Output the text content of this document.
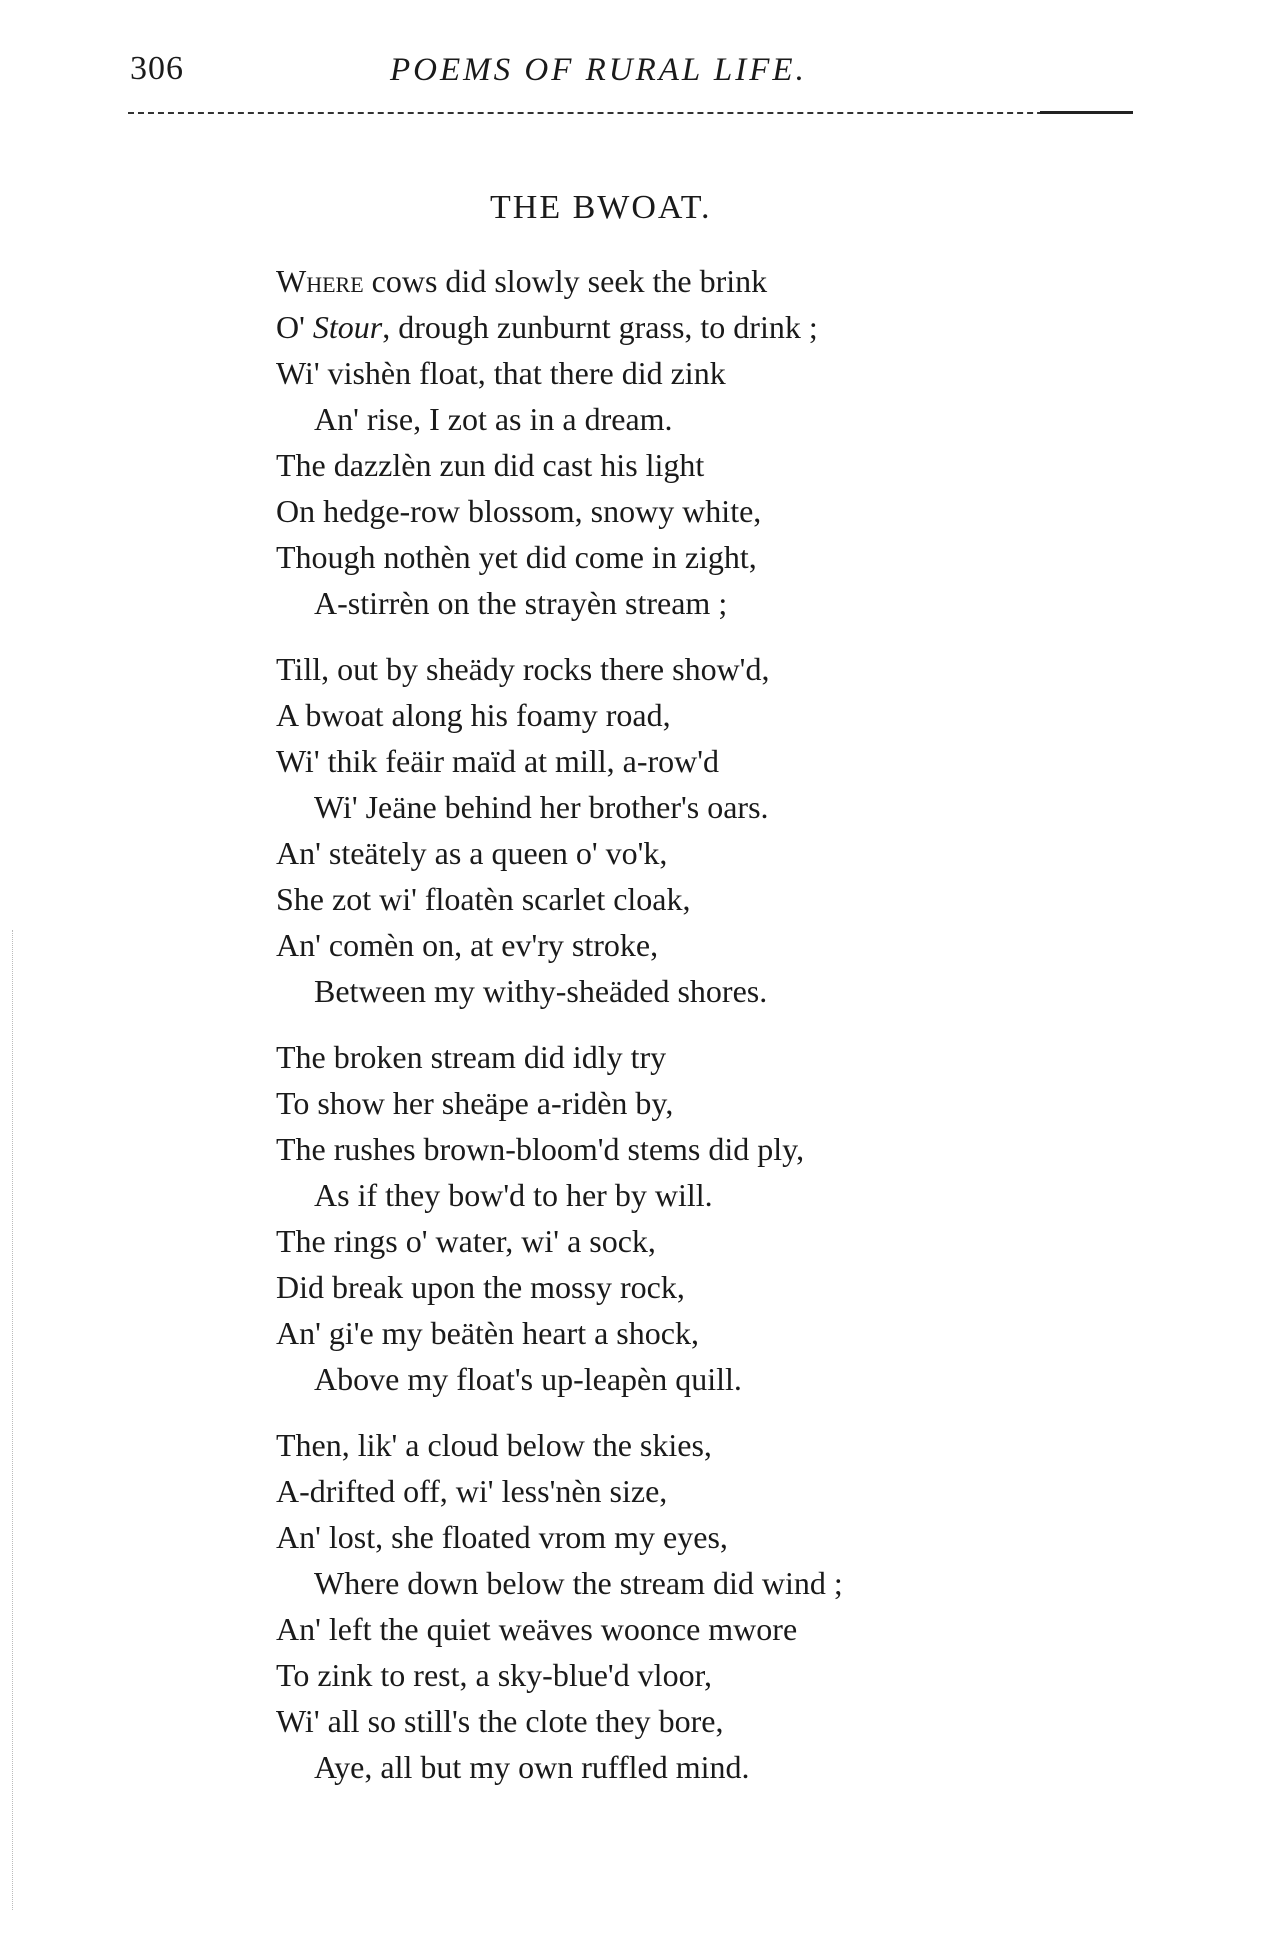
306	POEMS OF RURAL LIFE.
THE BWOAT.
Where cows did slowly seek the brink
O' Stour, drough zunburnt grass, to drink ;
Wi' vishèn float, that there did zink
An' rise, I zot as in a dream.
The dazzlèn zun did cast his light
On hedge-row blossom, snowy white,
Though nothèn yet did come in zight,
A-stirrèn on the strayèn stream ;
Till, out by sheädy rocks there show'd,
A bwoat along his foamy road,
Wi' thik feäir maïd at mill, a-row'd
Wi' Jeäne behind her brother's oars.
An' steätely as a queen o' vo'k,
She zot wi' floatèn scarlet cloak,
An' comèn on, at ev'ry stroke,
Between my withy-sheäded shores.
The broken stream did idly try
To show her sheäpe a-ridèn by,
The rushes brown-bloom'd stems did ply,
As if they bow'd to her by will.
The rings o' water, wi' a sock,
Did break upon the mossy rock,
An' gi'e my beätèn heart a shock,
Above my float's up-leapèn quill.
Then, lik' a cloud below the skies,
A-drifted off, wi' less'nèn size,
An' lost, she floated vrom my eyes,
Where down below the stream did wind ;
An' left the quiet weäves woonce mwore
To zink to rest, a sky-blue'd vloor,
Wi' all so still's the clote they bore,
Aye, all but my own ruffled mind.
